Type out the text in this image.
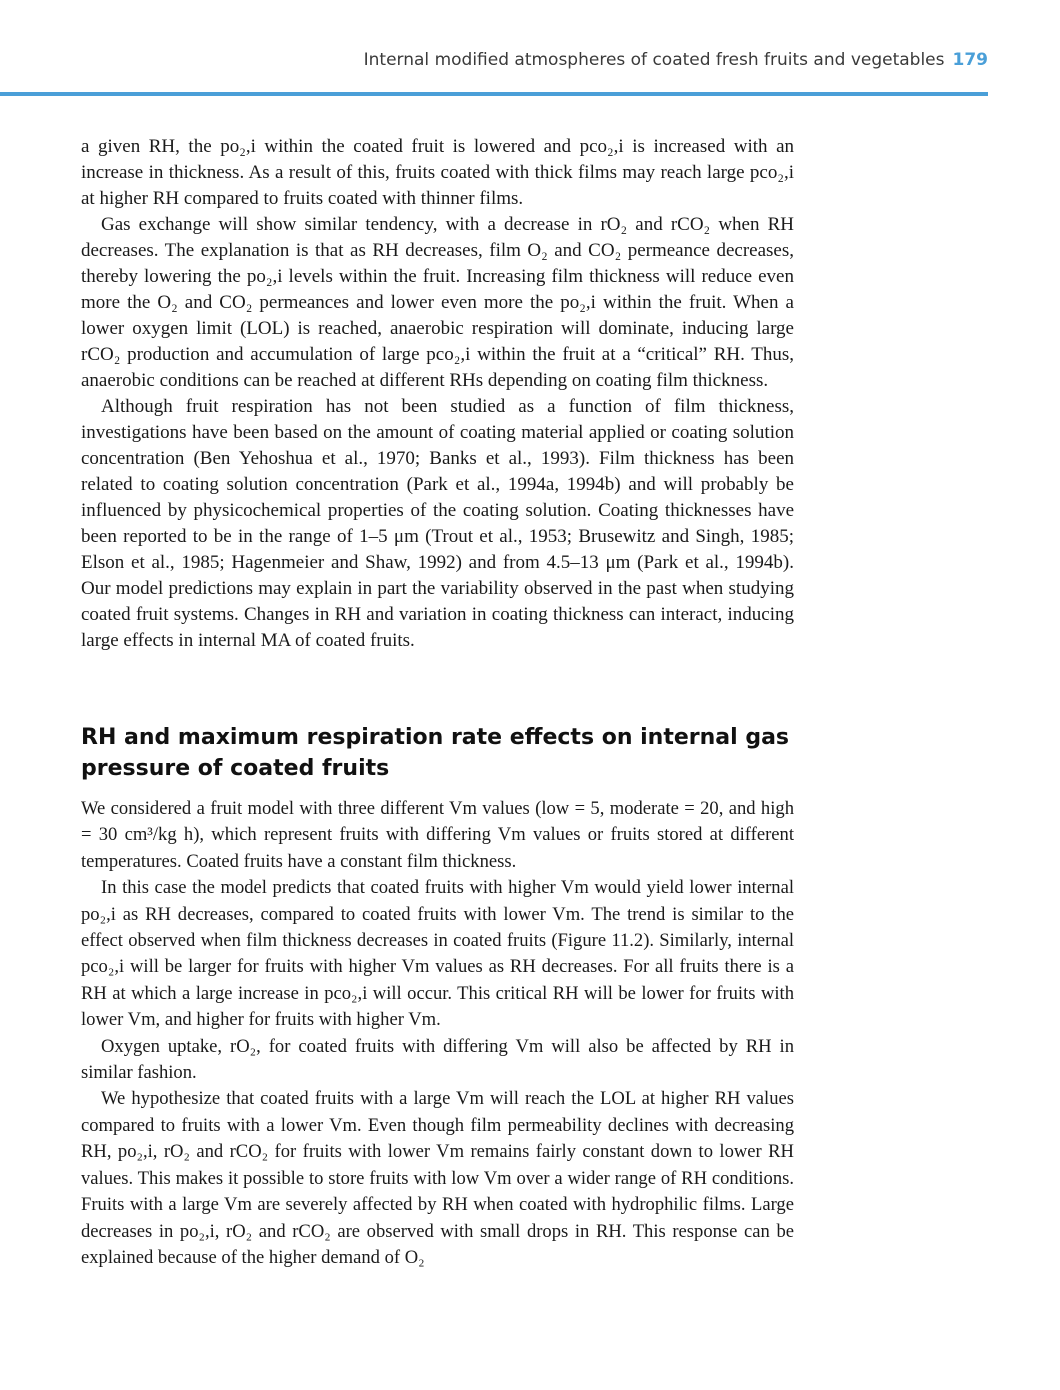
Internal modified atmospheres of coated fresh fruits and vegetables 179

a given RH, the po₂,i within the coated fruit is lowered and pco₂,i is increased with an increase in thickness. As a result of this, fruits coated with thick films may reach large pco₂,i at higher RH compared to fruits coated with thinner films.

Gas exchange will show similar tendency, with a decrease in rO₂ and rCO₂ when RH decreases. The explanation is that as RH decreases, film O₂ and CO₂ permeance decreases, thereby lowering the po₂,i levels within the fruit. Increasing film thickness will reduce even more the O₂ and CO₂ permeances and lower even more the po₂,i within the fruit. When a lower oxygen limit (LOL) is reached, anaerobic respiration will dominate, inducing large rCO₂ production and accumulation of large pco₂,i within the fruit at a “critical” RH. Thus, anaerobic conditions can be reached at different RHs depending on coating film thickness.

Although fruit respiration has not been studied as a function of film thickness, investigations have been based on the amount of coating material applied or coating solution concentration (Ben Yehoshua et al., 1970; Banks et al., 1993). Film thickness has been related to coating solution concentration (Park et al., 1994a, 1994b) and will probably be influenced by physicochemical properties of the coating solution. Coating thicknesses have been reported to be in the range of 1–5 μm (Trout et al., 1953; Brusewitz and Singh, 1985; Elson et al., 1985; Hagenmeier and Shaw, 1992) and from 4.5–13 μm (Park et al., 1994b). Our model predictions may explain in part the variability observed in the past when studying coated fruit systems. Changes in RH and variation in coating thickness can interact, inducing large effects in internal MA of coated fruits.

RH and maximum respiration rate effects on internal gas pressure of coated fruits

We considered a fruit model with three different Vm values (low = 5, moderate = 20, and high = 30 cm³/kg h), which represent fruits with differing Vm values or fruits stored at different temperatures. Coated fruits have a constant film thickness.

In this case the model predicts that coated fruits with higher Vm would yield lower internal po₂,i as RH decreases, compared to coated fruits with lower Vm. The trend is similar to the effect observed when film thickness decreases in coated fruits (Figure 11.2). Similarly, internal pco₂,i will be larger for fruits with higher Vm values as RH decreases. For all fruits there is a RH at which a large increase in pco₂,i will occur. This critical RH will be lower for fruits with lower Vm, and higher for fruits with higher Vm.

Oxygen uptake, rO₂, for coated fruits with differing Vm will also be affected by RH in similar fashion.

We hypothesize that coated fruits with a large Vm will reach the LOL at higher RH values compared to fruits with a lower Vm. Even though film permeability declines with decreasing RH, po₂,i, rO₂ and rCO₂ for fruits with lower Vm remains fairly constant down to lower RH values. This makes it possible to store fruits with low Vm over a wider range of RH conditions. Fruits with a large Vm are severely affected by RH when coated with hydrophilic films. Large decreases in po₂,i, rO₂ and rCO₂ are observed with small drops in RH. This response can be explained because of the higher demand of O₂
